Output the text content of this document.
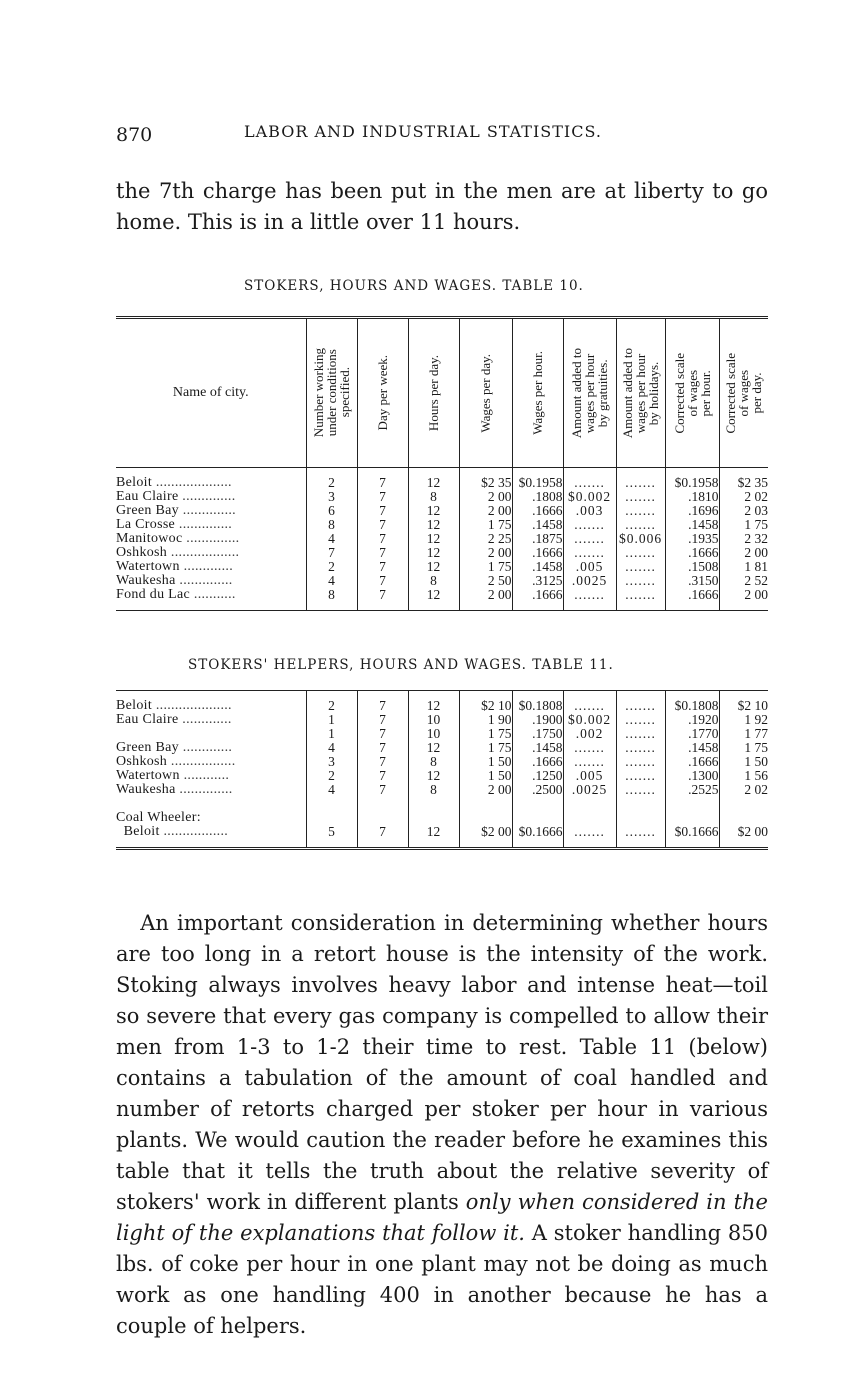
870	LABOR AND INDUSTRIAL STATISTICS.

the 7th charge has been put in the men are at liberty to go home. This is in a little over 11 hours.

STOKERS, HOURS AND WAGES. TABLE 10.
Name of city.	Number working
under conditions
specified.	Day per week.	Hours per day.	Wages per day.	Wages per hour.	Amount added to
wages per hour
by gratuities.	Amount added to
wages per hour
by holidays.	Corrected scale
of wages
per hour.	Corrected scale
of wages
per day.

Beloit ....................	2	7	12	$2 35	$0.1958	.......	.......	$0.1958	$2 35
Eau Claire ..............	3	7	8	2 00	.1808	$0.002	.......	.1810	2 02
Green Bay ..............	6	7	12	2 00	.1666	.003	.......	.1696	2 03
La Crosse ..............	8	7	12	1 75	.1458	.......	.......	.1458	1 75
Manitowoc ..............	4	7	12	2 25	.1875	.......	$0.006	.1935	2 32
Oshkosh ..................	7	7	12	2 00	.1666	.......	.......	.1666	2 00
Watertown .............	2	7	12	1 75	.1458	.005	.......	.1508	1 81
Waukesha ..............	4	7	8	2 50	.3125	.0025	.......	.3150	2 52
Fond du Lac ...........	8	7	12	2 00	.1666	.......	.......	.1666	2 00

STOKERS' HELPERS, HOURS AND WAGES. TABLE 11.

Beloit ....................	2	7	12	$2 10	$0.1808	.......	.......	$0.1808	$2 10
Eau Claire .............	1	7	10	1 90	.1900	$0.002	.......	.1920	1 92
	1	7	10	1 75	.1750	.002	.......	.1770	1 77
Green Bay .............	4	7	12	1 75	.1458	.......	.......	.1458	1 75
Oshkosh .................	3	7	8	1 50	.1666	.......	.......	.1666	1 50
Watertown ............	2	7	12	1 50	.1250	.005	.......	.1300	1 56
Waukesha ..............	4	7	8	2 00	.2500	.0025	.......	.2525	2 02

Coal Wheeler:									
Beloit .................	5	7	12	$2 00	$0.1666	.......	.......	$0.1666	$2 00

An important consideration in determining whether hours are too long in a retort house is the intensity of the work. Stoking always involves heavy labor and intense heat—toil so severe that every gas company is compelled to allow their men from 1-3 to 1-2 their time to rest. Table 11 (below) contains a tabulation of the amount of coal handled and number of retorts charged per stoker per hour in various plants. We would caution the reader before he examines this table that it tells the truth about the relative severity of stokers' work in different plants only when considered in the light of the explanations that follow it. A stoker handling 850 lbs. of coke per hour in one plant may not be doing as much work as one handling 400 in another because he has a couple of helpers.
